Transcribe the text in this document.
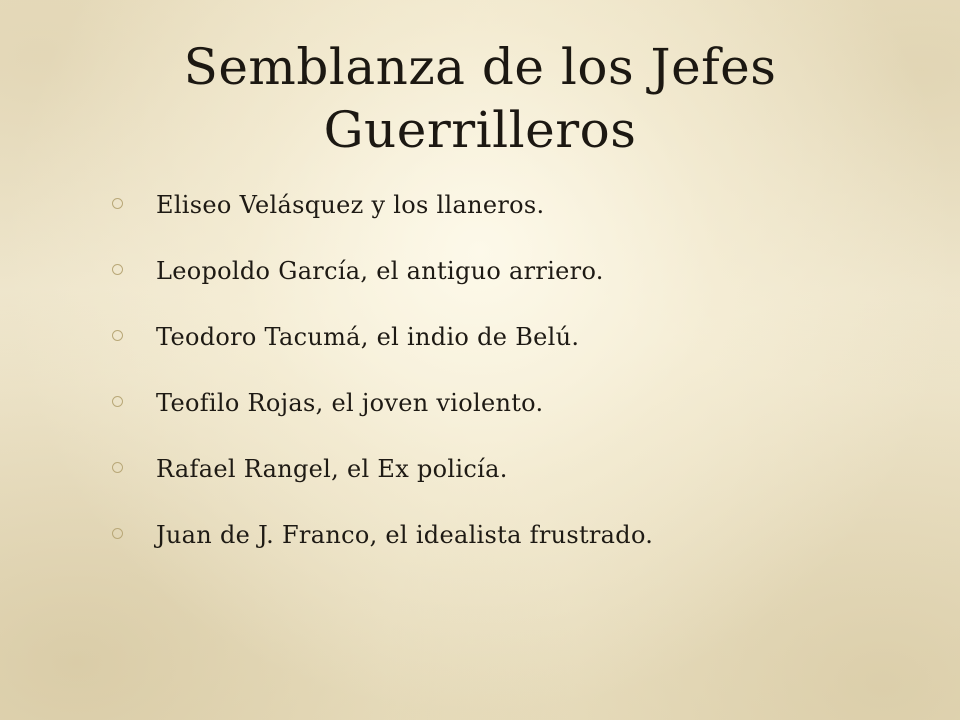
Semblanza de los Jefes
Guerrilleros
Eliseo Velásquez y los llaneros.
Leopoldo García, el antiguo arriero.
Teodoro Tacumá, el indio de Belú.
Teofilo Rojas, el joven violento.
Rafael Rangel, el Ex policía.
Juan de J. Franco, el idealista frustrado.
